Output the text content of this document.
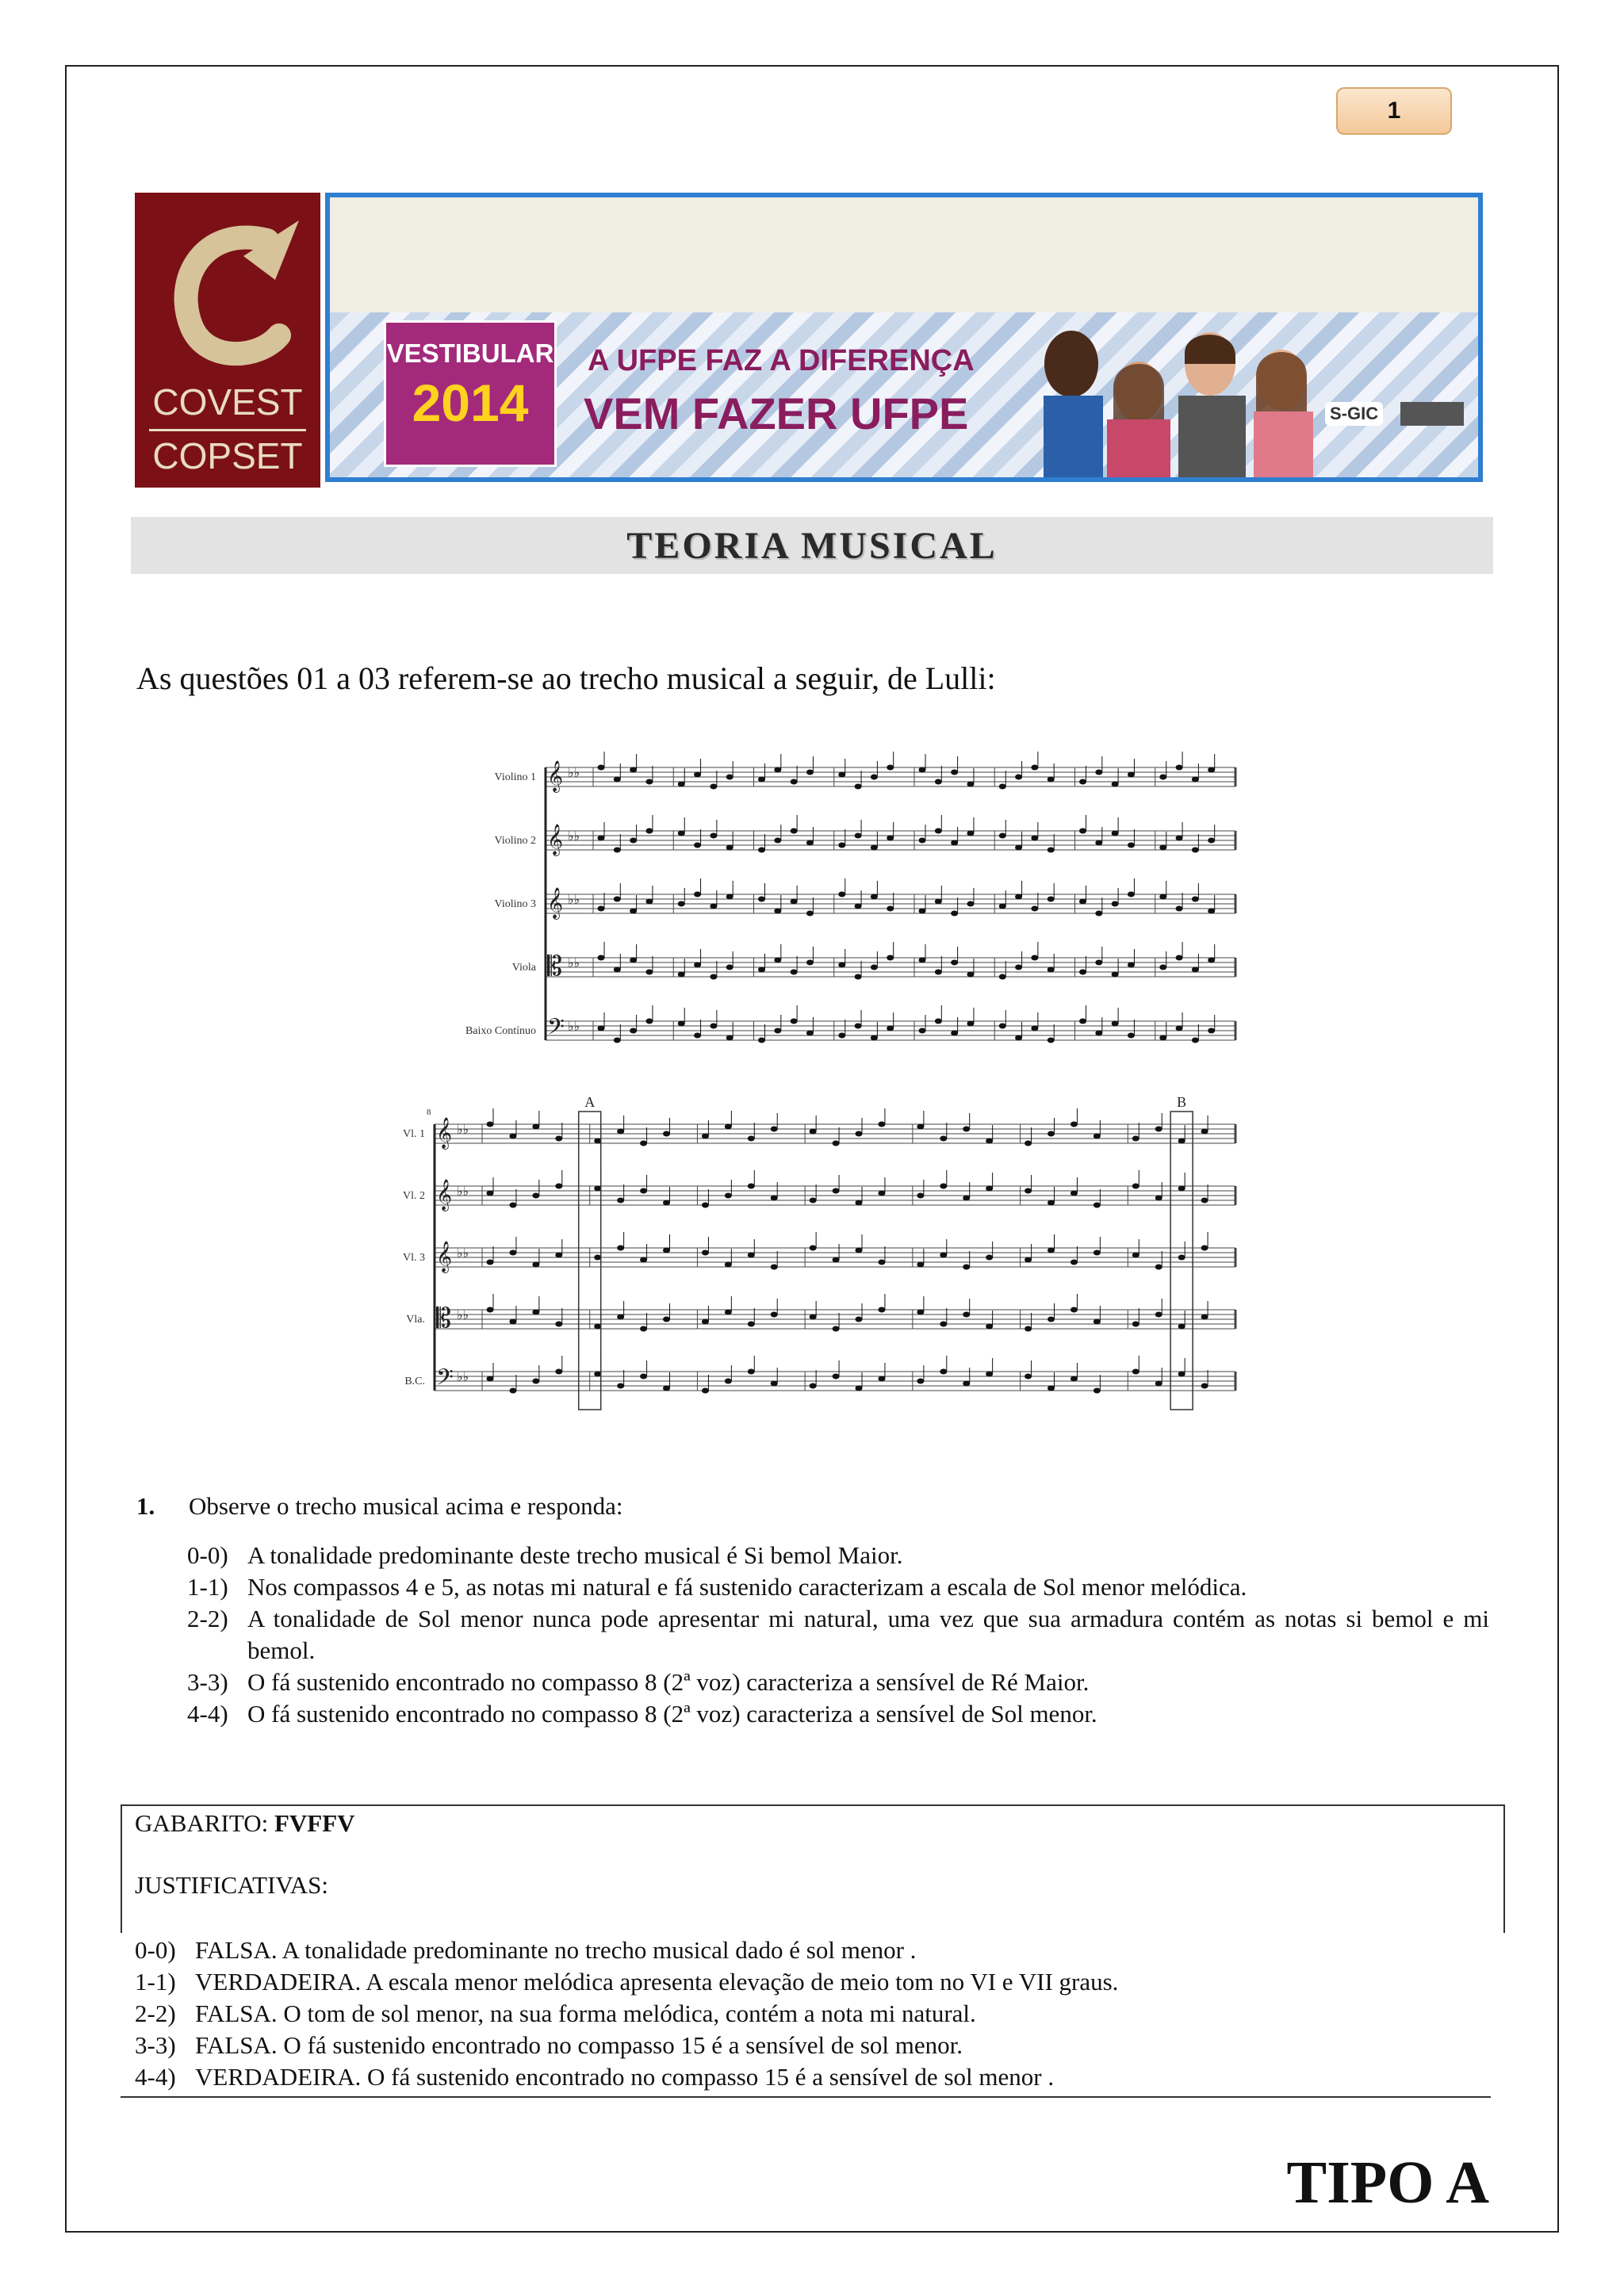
1
COVEST
COPSET
VESTIBULAR
2014
A UFPE FAZ A DIFERENÇA
VEM FAZER UFPE	S-GIC
TEORIA MUSICAL
As questões 01 a 03 referem-se ao trecho musical a seguir, de Lulli:
Violino 1 𝄞 ♭♭
Violino 2 𝄞 ♭♭
Violino 3 𝄞 ♭♭
Viola 𝄡 ♭♭
Baixo Contínuo 𝄢 ♭♭
Vl. 1 𝄞 ♭♭
Vl. 2 𝄞 ♭♭
Vl. 3 𝄞 ♭♭
Vla. 𝄡 ♭♭
B.C. 𝄢 ♭♭
A	B
8
1. Observe o trecho musical acima e responda:
0-0) A tonalidade predominante deste trecho musical é Si bemol Maior.
1-1) Nos compassos 4 e 5, as notas mi natural e fá sustenido caracterizam a escala de Sol menor melódica.
2-2) A tonalidade de Sol menor nunca pode apresentar mi natural, uma vez que sua armadura contém as notas si bemol e mi bemol.
3-3) O fá sustenido encontrado no compasso 8 (2ª voz) caracteriza a sensível de Ré Maior.
4-4) O fá sustenido encontrado no compasso 8 (2ª voz) caracteriza a sensível de Sol menor.
GABARITO: FVFFV
JUSTIFICATIVAS:
0-0) FALSA. A tonalidade predominante no trecho musical dado é sol menor .
1-1) VERDADEIRA. A escala menor melódica apresenta elevação de meio tom no VI e VII graus.
2-2) FALSA. O tom de sol menor, na sua forma melódica, contém a nota mi natural.
3-3) FALSA. O fá sustenido encontrado no compasso 15 é a sensível de sol menor.
4-4) VERDADEIRA. O fá sustenido encontrado no compasso 15 é a sensível de sol menor .
TIPO A
